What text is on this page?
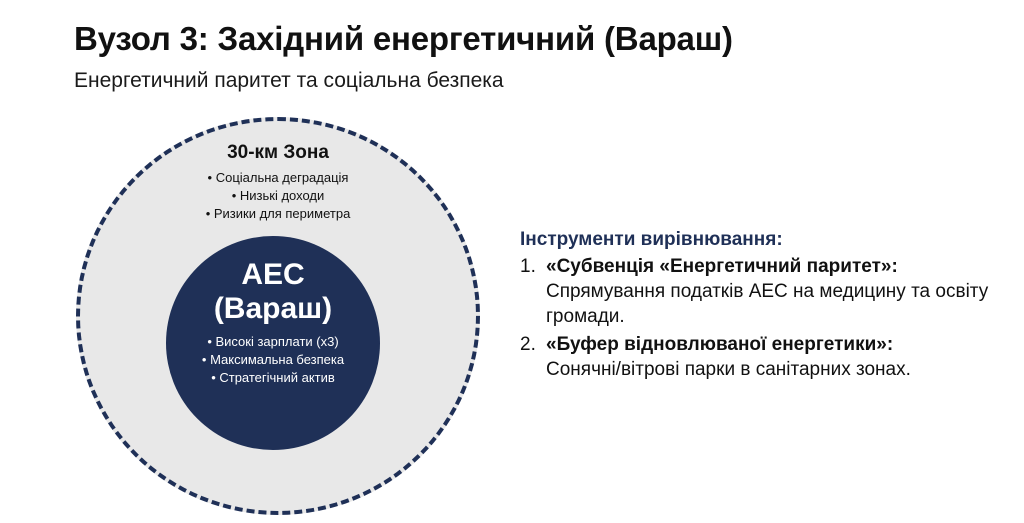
Вузол 3: Західний енергетичний (Вараш)

Енергетичний паритет та соціальна безпека

30-км Зона
• Соціальна деградація
• Низькі доходи
• Ризики для периметра
АЕС
(Вараш)
• Високі зарплати (х3)
• Максимальна безпека
• Стратегічний актив
Інструменти вирівнювання:
1. «Субвенція «Енергетичний паритет»:
Спрямування податків АЕС на медицину та освіту громади.
2. «Буфер відновлюваної енергетики»:
Сонячні/вітрові парки в санітарних зонах.
